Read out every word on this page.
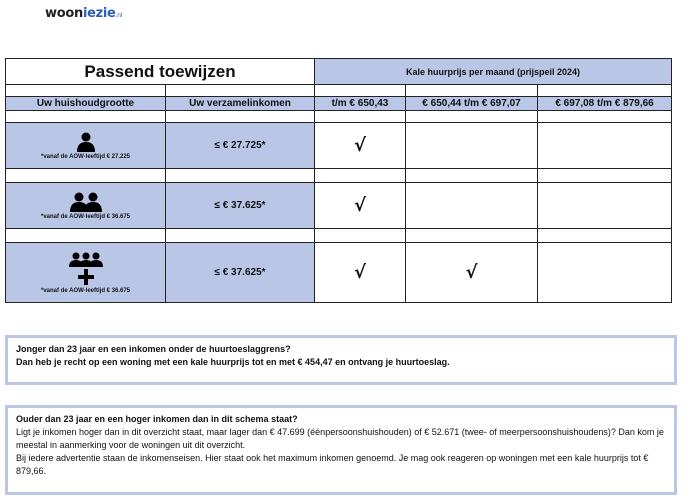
wooniezie.nl
Passend toewijzen		Kale huurprijs per maand (prijspeil 2024)		

Uw huishoudgrootte	Uw verzamelinkomen	t/m € 650,43	€ 650,44 t/m € 697,07	€ 697,08 t/m € 879,66

*vanaf de AOW-leeftijd € 27.225	≤ € 27.725*	√		

*vanaf de AOW-leeftijd € 36.675	≤ € 37.625*	√		

*vanaf de AOW-leeftijd € 36.675	≤ € 37.625*	√	√	
Jonger dan 23 jaar en een inkomen onder de huurtoeslaggrens?
Dan heb je recht op een woning met een kale huurprijs tot en met € 454,47 en ontvang je huurtoeslag.
Ouder dan 23 jaar en een hoger inkomen dan in dit schema staat?
Ligt je inkomen hoger dan in dit overzicht staat, maar lager dan € 47.699 (éénpersoonshuishouden) of € 52.671 (twee- of meerpersoonshuishoudens)? Dan kom je meestal in aanmerking voor de woningen uit dit overzicht.
Bij iedere advertentie staan de inkomenseisen. Hier staat ook het maximum inkomen genoemd. Je mag ook reageren op woningen met een kale huurprijs tot € 879,66.
